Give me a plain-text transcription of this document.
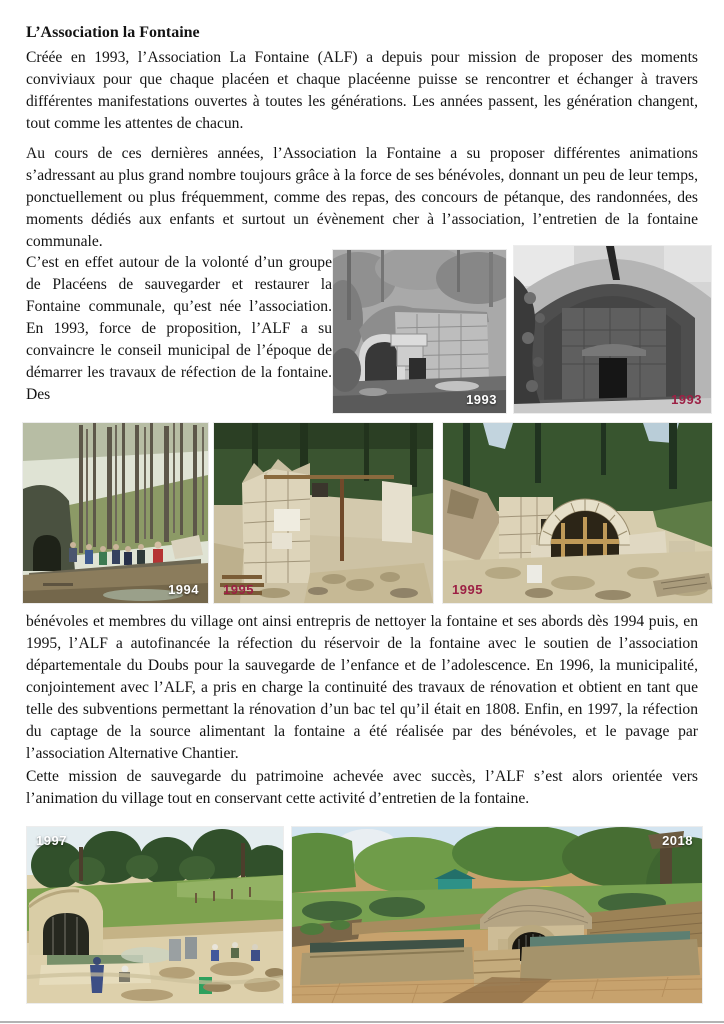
L’Association la Fontaine
Créée en 1993, l’Association La Fontaine (ALF) a depuis pour mission de proposer des moments conviviaux pour que chaque placéen et chaque placéenne puisse se rencontrer et échanger à travers différentes manifestations ouvertes à toutes les générations. Les années passent, les génération changent, tout comme les attentes de chacun.
Au cours de ces dernières années, l’Association la Fontaine a su proposer différentes animations s’adressant au plus grand nombre toujours grâce à la force de ses bénévoles, donnant un peu de leur temps, ponctuellement ou plus fréquemment, comme des repas, des concours de pétanque, des randonnées, des moments dédiés aux enfants et surtout un évènement cher à l’association, l’entretien de la fontaine communale.
C’est en effet autour de la volonté d’un groupe de Placéens de sauvegarder et restaurer la Fontaine communale, qu’est née l’association. En 1993, force de proposition, l’ALF a su convaincre le conseil municipal de l’époque de démarrer les travaux de réfection de la fontaine. Des
bénévoles et membres du village ont ainsi entrepris de nettoyer la fontaine et ses abords dès 1994 puis, en 1995, l’ALF a autofinancée la réfection du réservoir de la fontaine avec le soutien de l’association départementale du Doubs pour la sauvegarde de l’enfance et de l’adolescence. En 1996, la municipalité, conjointement avec l’ALF, a pris en charge la continuité des travaux de rénovation et obtient en tant que telle des subventions permettant la rénovation d’un bac tel qu’il était en 1808. Enfin, en 1997, la réfection du captage de la source alimentant la fontaine a été réalisée par des bénévoles, et le pavage par l’association Alternative Chantier.
Cette mission de sauvegarde du patrimoine achevée avec succès, l’ALF s’est alors orientée vers l’animation du village tout en conservant cette activité d’entretien de la fontaine.
1993	1993
1994 1995	1995
1997	2018
